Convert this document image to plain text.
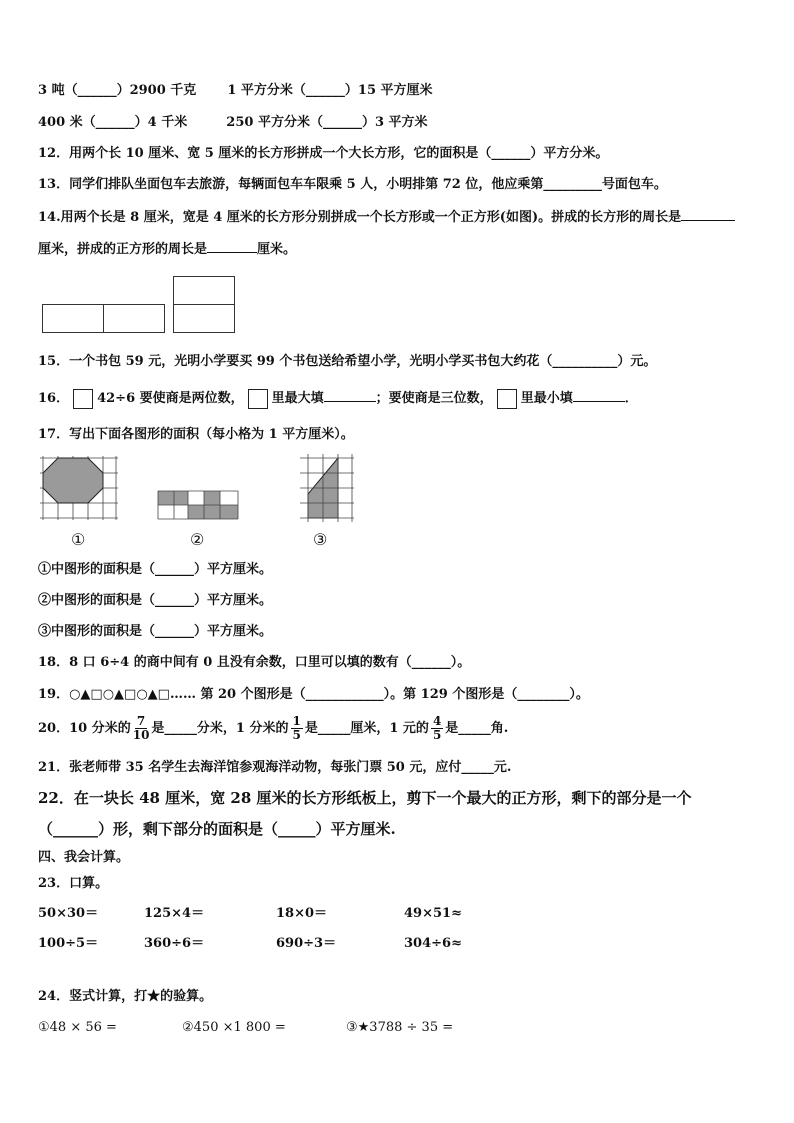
3 吨（______）2900 千克 1 平方分米（______）15 平方厘米
400 米（______）4 千米	250 平方分米（______）3 平方米
12．用两个长 10 厘米、宽 5 厘米的长方形拼成一个大长方形，它的面积是（______）平方分米。
13．同学们排队坐面包车去旅游，每辆面包车车限乘 5 人，小明排第 72 位，他应乘第_________号面包车。
14.用两个长是 8 厘米，宽是 4 厘米的长方形分别拼成一个长方形或一个正方形(如图)。拼成的长方形的周长是
厘米，拼成的正方形的周长是	厘米。
15．一个书包 59 元，光明小学要买 99 个书包送给希望小学，光明小学买书包大约花（__________）元。
16． 42÷6 要使商是两位数， 里最大填	；要使商是三位数， 里最小填	．
17．写出下面各图形的面积（每小格为 1 平方厘米）。
①	②	③
①中图形的面积是（______）平方厘米。
②中图形的面积是（______）平方厘米。
③中图形的面积是（______）平方厘米。
18．8 口 6÷4 的商中间有 0 且没有余数，口里可以填的数有（______）。
19．○▲□○▲□○▲□…… 第 20 个图形是（____________）。第 129 个图形是（________）。
20．10 分米的 $\frac{7}{10}$ 是_____分米，1 分米的 $\frac{1}{5}$ 是_____厘米，1 元的 $\frac{4}{5}$ 是_____角.
21．张老师带 35 名学生去海洋馆参观海洋动物，每张门票 50 元，应付_____元.
22．在一块长 48 厘米，宽 28 厘米的长方形纸板上，剪下一个最大的正方形，剩下的部分是一个
（______）形，剩下部分的面积是（_____）平方厘米.
四、我会计算。
23．口算。
50×30＝	125×4＝	18×0＝	49×51≈
100÷5＝	360÷6＝	690÷3＝	304÷6≈
24．竖式计算，打★的验算。
①48 × 56 =	②450 ×1 800 =	③★3788 ÷ 35 =
